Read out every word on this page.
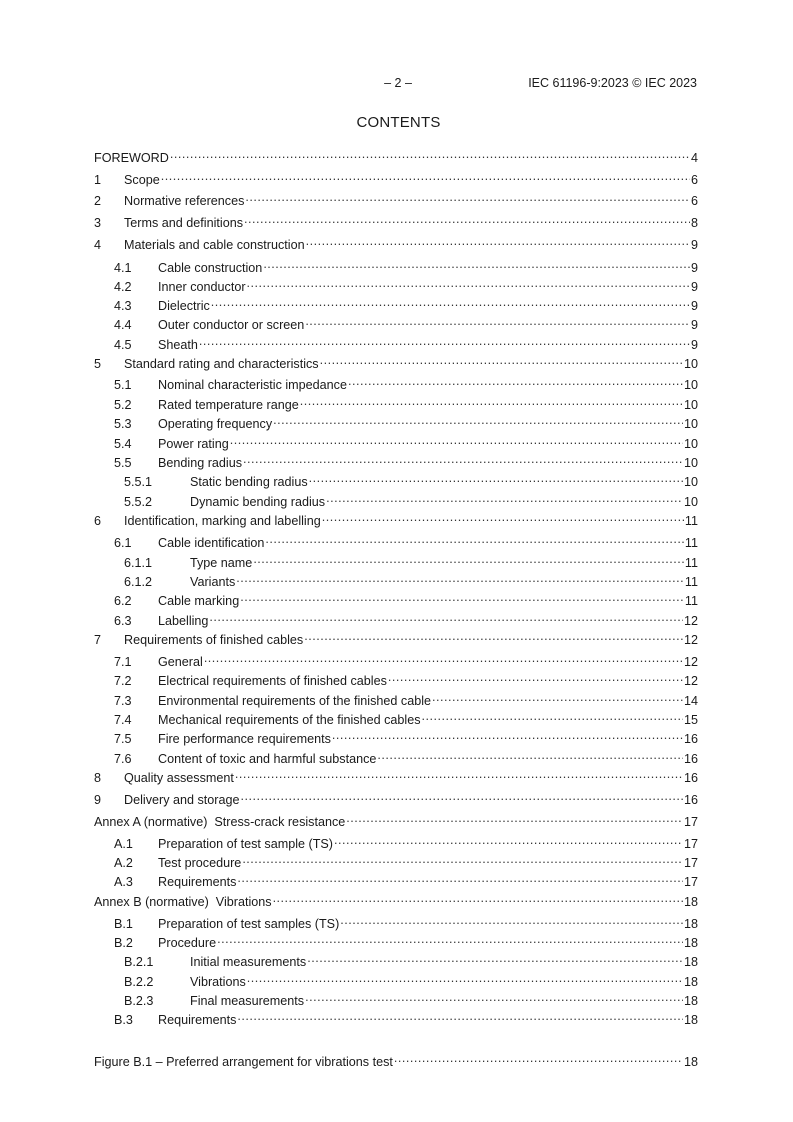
– 2 –	IEC 61196-9:2023 © IEC 2023
CONTENTS
FOREWORD .....	4
1	Scope .....	6
2	Normative references .....	6
3	Terms and definitions .....	8
4	Materials and cable construction .....	9
4.1	Cable construction .....	9
4.2	Inner conductor .....	9
4.3	Dielectric .....	9
4.4	Outer conductor or screen .....	9
4.5	Sheath .....	9
5	Standard rating and characteristics .....	10
5.1	Nominal characteristic impedance .....	10
5.2	Rated temperature range .....	10
5.3	Operating frequency .....	10
5.4	Power rating .....	10
5.5	Bending radius .....	10
5.5.1	Static bending radius .....	10
5.5.2	Dynamic bending radius .....	10
6	Identification, marking and labelling .....	11
6.1	Cable identification .....	11
6.1.1	Type name .....	11
6.1.2	Variants .....	11
6.2	Cable marking .....	11
6.3	Labelling .....	12
7	Requirements of finished cables .....	12
7.1	General .....	12
7.2	Electrical requirements of finished cables .....	12
7.3	Environmental requirements of the finished cable .....	14
7.4	Mechanical requirements of the finished cables .....	15
7.5	Fire performance requirements .....	16
7.6	Content of toxic and harmful substance .....	16
8	Quality assessment .....	16
9	Delivery and storage .....	16
Annex A (normative)  Stress-crack resistance .....	17
A.1	Preparation of test sample (TS) .....	17
A.2	Test procedure .....	17
A.3	Requirements .....	17
Annex B (normative)  Vibrations .....	18
B.1	Preparation of test samples (TS) .....	18
B.2	Procedure .....	18
B.2.1	Initial measurements .....	18
B.2.2	Vibrations .....	18
B.2.3	Final measurements .....	18
B.3	Requirements .....	18
Figure B.1 – Preferred arrangement for vibrations test .....	18
